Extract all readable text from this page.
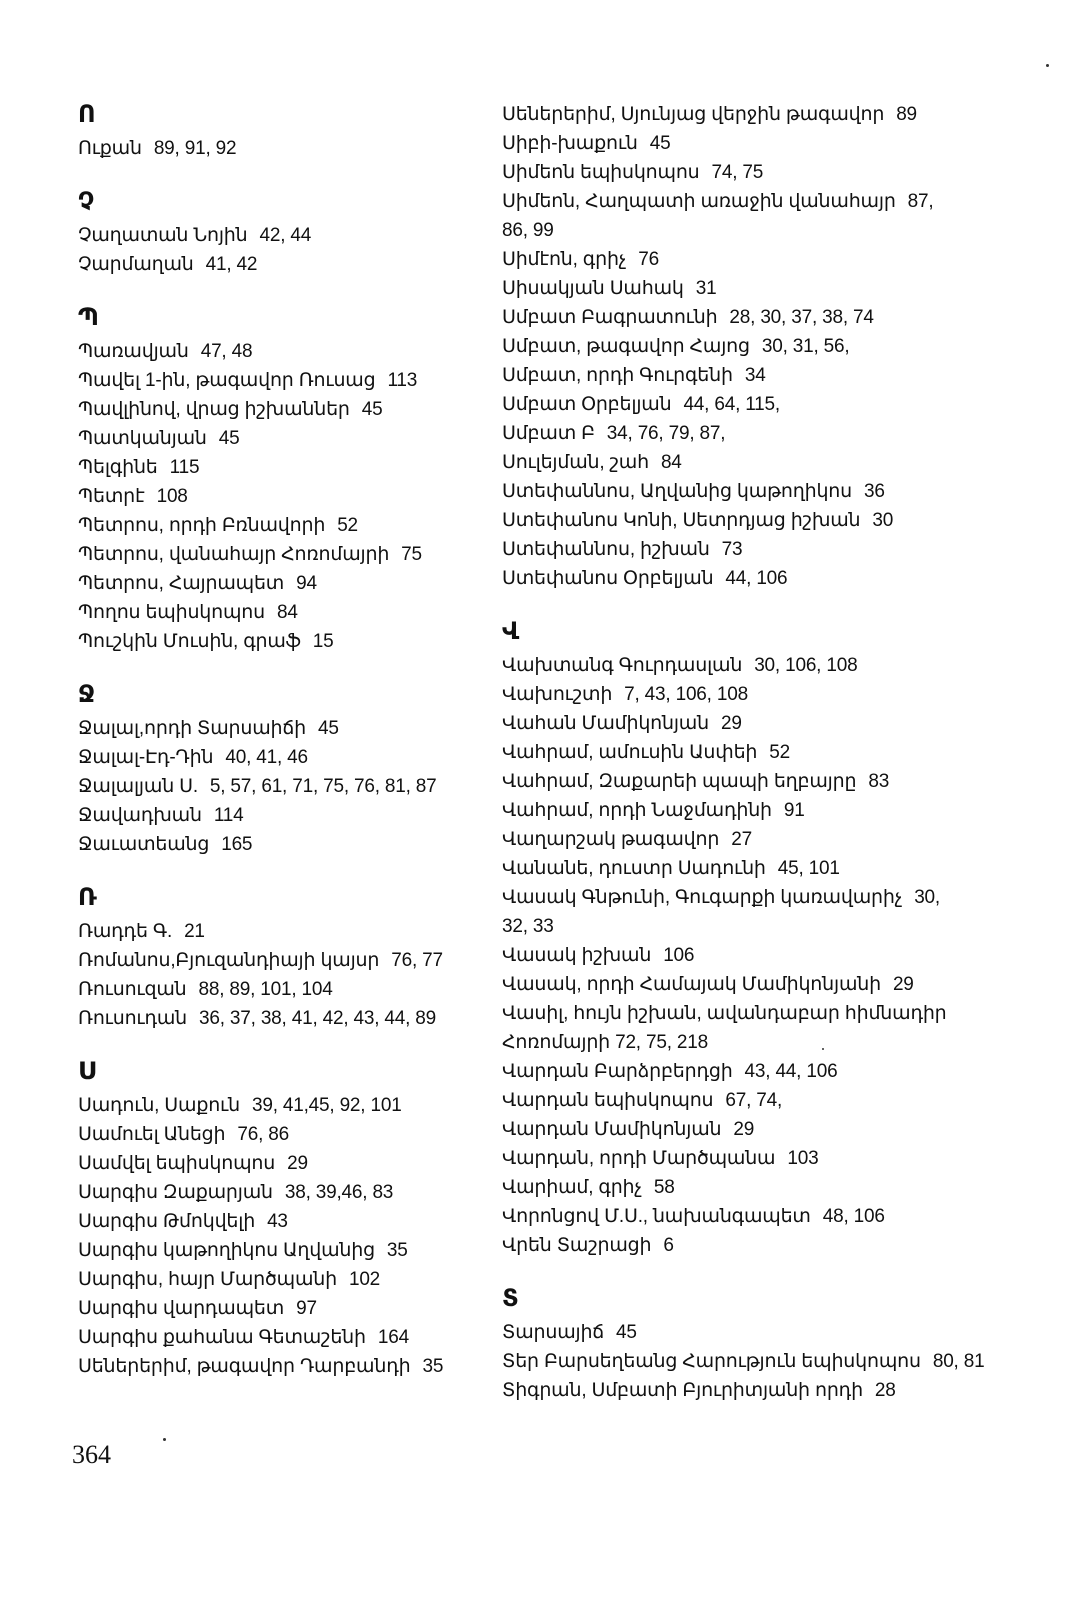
Ո
Ուքան 89, 91, 92
Չ
Չաղատան Նոյին 42, 44
Չարմաղան 41, 42
Պ
Պառավյան 47, 48
Պավել 1-ին, թագավոր Ռուսաց 113
Պավլինով, վրաց իշխաններ 45
Պատկանյան 45
Պելգինե 115
Պետրէ 108
Պետրոս, որդի Բռնավորի 52
Պետրոս, վանահայր Հոռոմայրի 75
Պետրոս, Հայրապետ 94
Պողոս եպիսկոպոս 84
Պուշկին Մուսին, գրաֆ 15
Ջ
Ջալալ,որդի Տարսաիճի 45
Ջալալ-Էդ-Դին 40, 41, 46
Ջալալյան Ս. 5, 57, 61, 71, 75, 76, 81, 87
Ջավադխան 114
Ջաւատեանց 165
Ռ
Ռադդե Գ. 21
Ռոմանոս,Բյուզանդիայի կայսր 76, 77
Ռուսուզան 88, 89, 101, 104
Ռուսուդան 36, 37, 38, 41, 42, 43, 44, 89
Ս
Սադուն, Սաքուն 39, 41,45, 92, 101
Սամուել Անեցի 76, 86
Սամվել եպիսկոպոս 29
Սարգիս Զաքարյան 38, 39,46, 83
Սարգիս Թմոկվելի 43
Սարգիս կաթողիկոս Աղվանից 35
Սարգիս, հայր Մարծպանի 102
Սարգիս վարդապետ 97
Սարգիս քահանա Գետաշենի 164
Սեներերիմ, թագավոր Դարբանդի 35
Սեներերիմ, Սյունյաց վերջին թագավոր 89
Սիբի-խաքուն 45
Սիմեոն եպիսկոպոս 74, 75
Սիմեոն, Հաղպատի առաջին վանահայր 87,
86, 99
Սիմէոն, գրիչ 76
Սիսակյան Սահակ 31
Սմբատ Բագրատունի 28, 30, 37, 38, 74
Սմբատ, թագավոր Հայոց 30, 31, 56,
Սմբատ, որդի Գուրգենի 34
Սմբատ Օրբելյան 44, 64, 115,
Սմբատ Բ 34, 76, 79, 87,
Սուլեյման, շահ 84
Ստեփաննոս, Աղվանից կաթողիկոս 36
Ստեփանոս Կոնի, Սետրդյաց իշխան 30
Ստեփաննոս, իշխան 73
Ստեփանոս Օրբելյան 44, 106
Վ
Վախտանգ Գուրդասլան 30, 106, 108
Վախուշտի 7, 43, 106, 108
Վահան Մամիկոնյան 29
Վահրամ, ամուսին Ասփեի 52
Վահրամ, Զաքարեի պապի եղբայրը 83
Վահրամ, որդի Նաջմադինի 91
Վաղարշակ թագավոր 27
Վանանե, դուստր Սադունի 45, 101
Վասակ Գնթունի, Գուգարքի կառավարիչ 30,
32, 33
Վասակ իշխան 106
Վասակ, որդի Համայակ Մամիկոնյանի 29
Վասիլ, հույն իշխան, ավանդաբար հիմնադիր
Հոռոմայրի 72, 75, 218
Վարդան Բարձրբերդցի 43, 44, 106
Վարդան եպիսկոպոս 67, 74,
Վարդան Մամիկոնյան 29
Վարդան, որդի Մարծպանա 103
Վարիամ, գրիչ 58
Վորոնցով Մ.Ս., նախանգապետ 48, 106
Վրեն Տաշրացի 6
Տ
Տարսայիճ 45
Տեր Բարսեղեանց Հարություն եպիսկոպոս 80, 81
Տիգրան, Սմբատի Բյուրիտյանի որդի 28
364
